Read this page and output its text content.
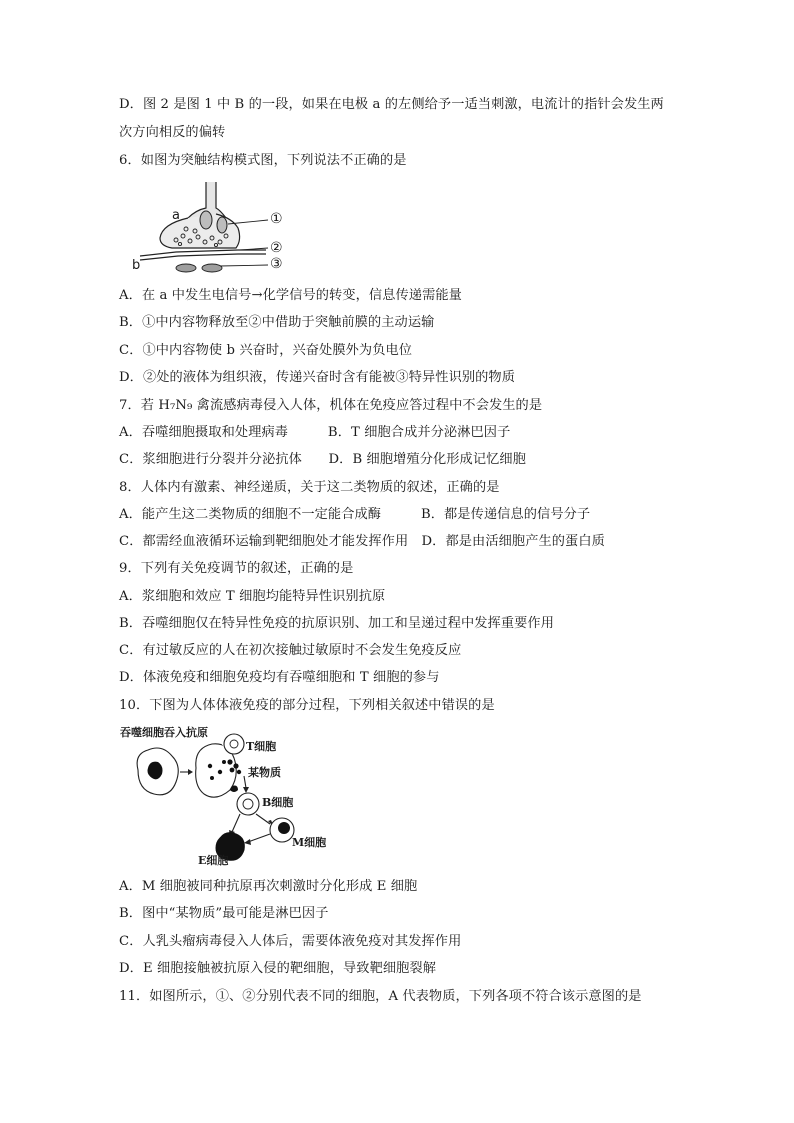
D．图 2 是图 1 中 B 的一段，如果在电极 a 的左侧给予一适当刺激，电流计的指针会发生两
次方向相反的偏转
6．如图为突触结构模式图，下列说法不正确的是
a
b
①
②
③
A．在 a 中发生电信号→化学信号的转变，信息传递需能量
B．①中内容物释放至②中借助于突触前膜的主动运输
C．①中内容物使 b 兴奋时，兴奋处膜外为负电位
D．②处的液体为组织液，传递兴奋时含有能被③特异性识别的物质
7．若 H₇N₉ 禽流感病毒侵入人体，机体在免疫应答过程中不会发生的是
A．吞噬细胞摄取和处理病毒　　　B．T 细胞合成并分泌淋巴因子
C．浆细胞进行分裂并分泌抗体　　D．B 细胞增殖分化形成记忆细胞
8．人体内有激素、神经递质，关于这二类物质的叙述，正确的是
A．能产生这二类物质的细胞不一定能合成酶　　　B．都是传递信息的信号分子
C．都需经血液循环运输到靶细胞处才能发挥作用　D．都是由活细胞产生的蛋白质
9．下列有关免疫调节的叙述，正确的是
A．浆细胞和效应 T 细胞均能特异性识别抗原
B．吞噬细胞仅在特异性免疫的抗原识别、加工和呈递过程中发挥重要作用
C．有过敏反应的人在初次接触过敏原时不会发生免疫反应
D．体液免疫和细胞免疫均有吞噬细胞和 T 细胞的参与
10．下图为人体体液免疫的部分过程，下列相关叙述中错误的是
吞噬细胞吞入抗原
T细胞
某物质
B细胞
M细胞
E细胞
A．M 细胞被同种抗原再次刺激时分化形成 E 细胞
B．图中“某物质”最可能是淋巴因子
C．人乳头瘤病毒侵入人体后，需要体液免疫对其发挥作用
D．E 细胞接触被抗原入侵的靶细胞，导致靶细胞裂解
11．如图所示，①、②分别代表不同的细胞，A 代表物质，下列各项不符合该示意图的是
